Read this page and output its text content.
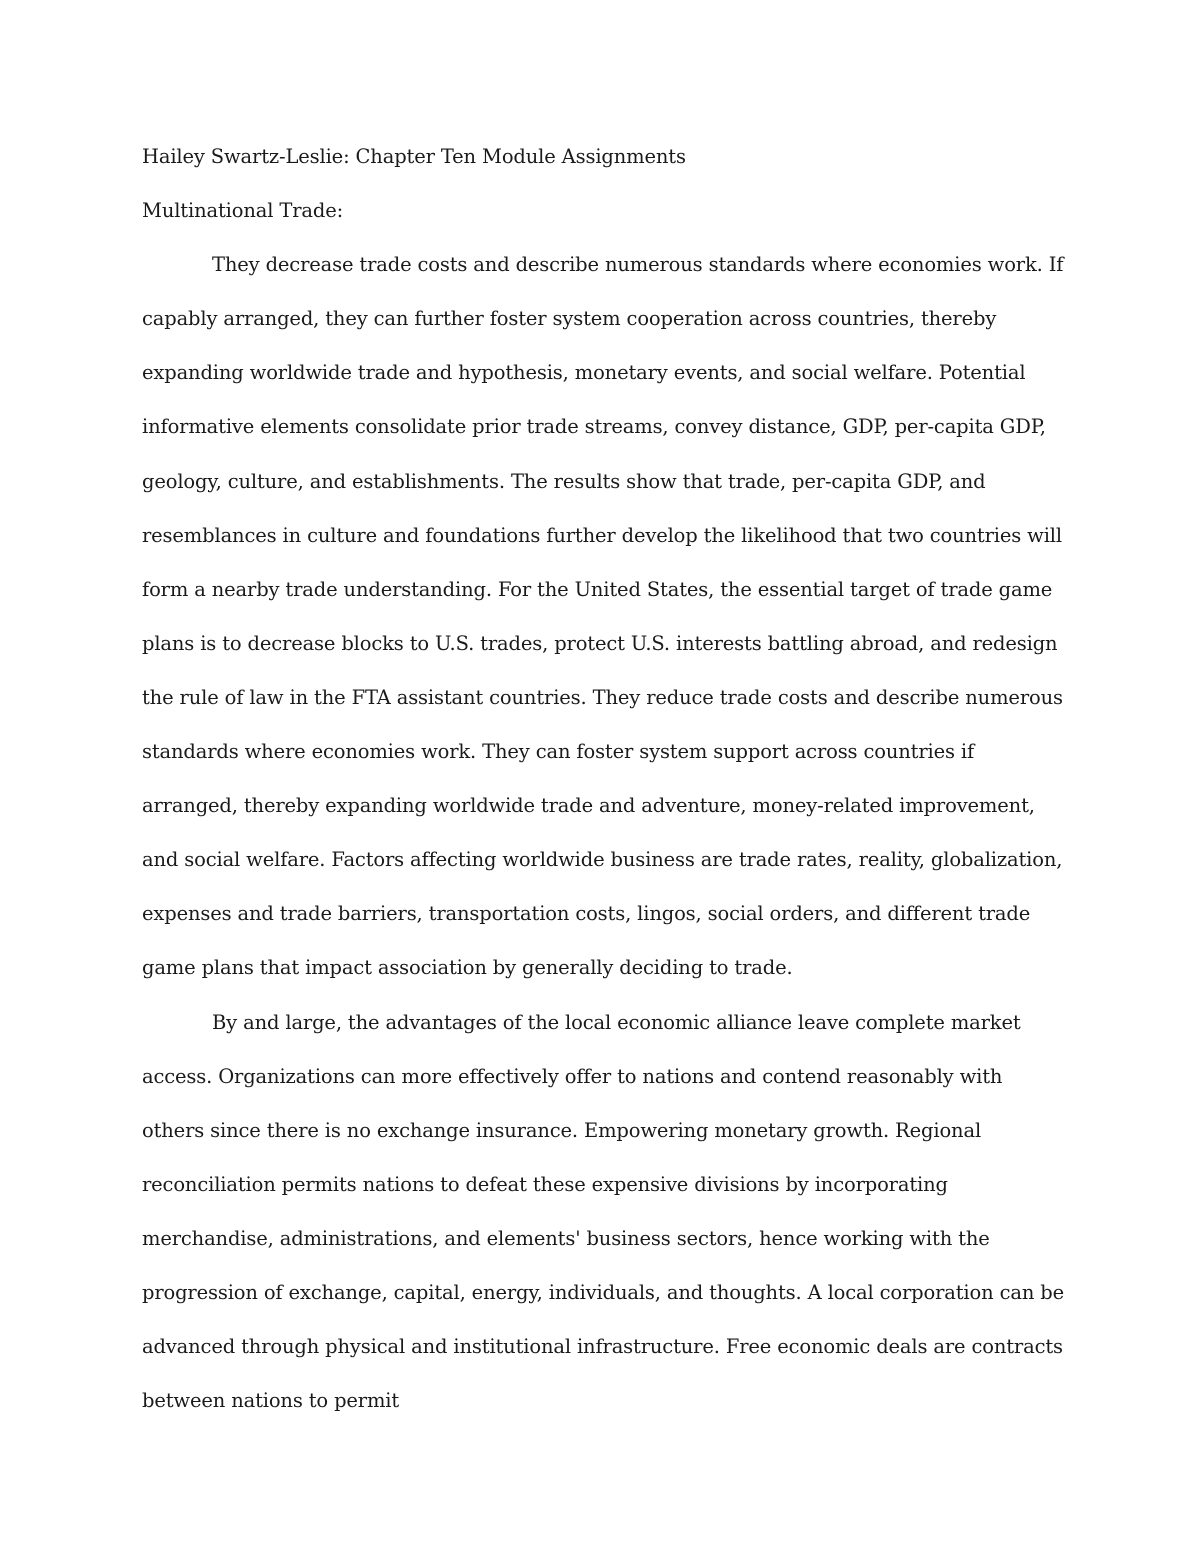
Hailey Swartz-Leslie: Chapter Ten Module Assignments

Multinational Trade:

They decrease trade costs and describe numerous standards where economies work. If capably arranged, they can further foster system cooperation across countries, thereby expanding worldwide trade and hypothesis, monetary events, and social welfare. Potential informative elements consolidate prior trade streams, convey distance, GDP, per-capita GDP, geology, culture, and establishments. The results show that trade, per-capita GDP, and resemblances in culture and foundations further develop the likelihood that two countries will form a nearby trade understanding. For the United States, the essential target of trade game plans is to decrease blocks to U.S. trades, protect U.S. interests battling abroad, and redesign the rule of law in the FTA assistant countries. They reduce trade costs and describe numerous standards where economies work. They can foster system support across countries if arranged, thereby expanding worldwide trade and adventure, money-related improvement, and social welfare. Factors affecting worldwide business are trade rates, reality, globalization, expenses and trade barriers, transportation costs, lingos, social orders, and different trade game plans that impact association by generally deciding to trade.

By and large, the advantages of the local economic alliance leave complete market access. Organizations can more effectively offer to nations and contend reasonably with others since there is no exchange insurance. Empowering monetary growth. Regional reconciliation permits nations to defeat these expensive divisions by incorporating merchandise, administrations, and elements' business sectors, hence working with the progression of exchange, capital, energy, individuals, and thoughts. A local corporation can be advanced through physical and institutional infrastructure. Free economic deals are contracts between nations to permit
